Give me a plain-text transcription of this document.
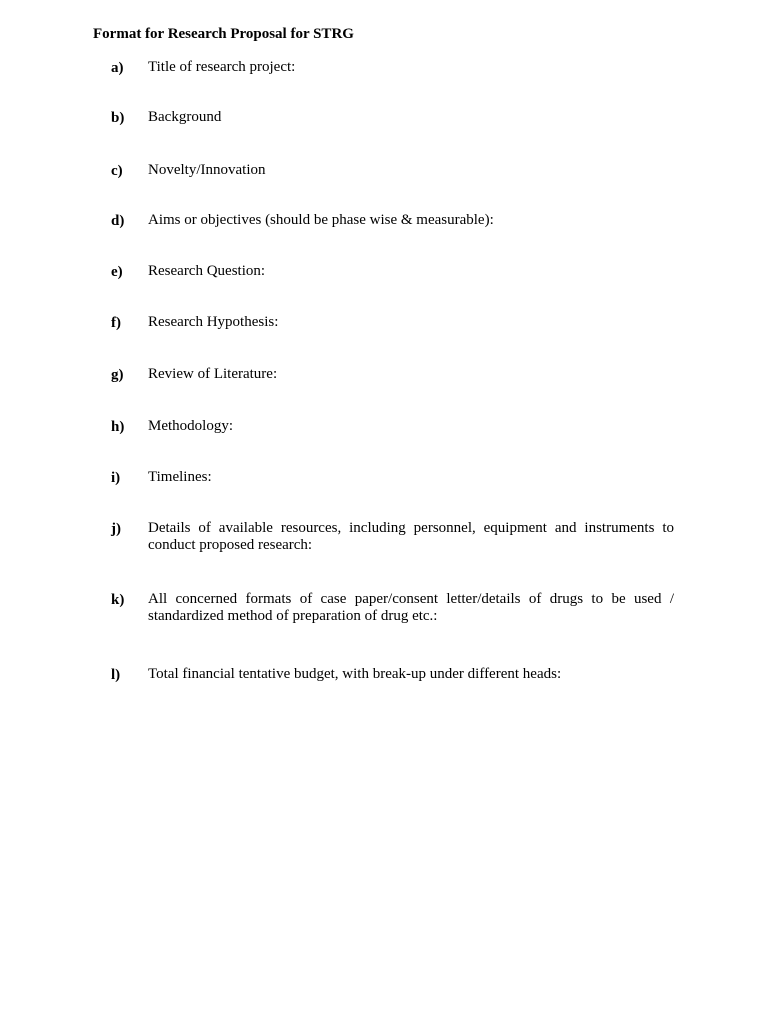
Format for Research Proposal for STRG
a) Title of research project:
b) Background
c) Novelty/Innovation
d) Aims or objectives (should be phase wise & measurable):
e) Research Question:
f) Research Hypothesis:
g) Review of Literature:
h) Methodology:
i) Timelines:
j) Details of available resources, including personnel, equipment and instruments to conduct proposed research:
k) All concerned formats of case paper/consent letter/details of drugs to be used / standardized method of preparation of drug etc.:
l) Total financial tentative budget, with break-up under different heads:
